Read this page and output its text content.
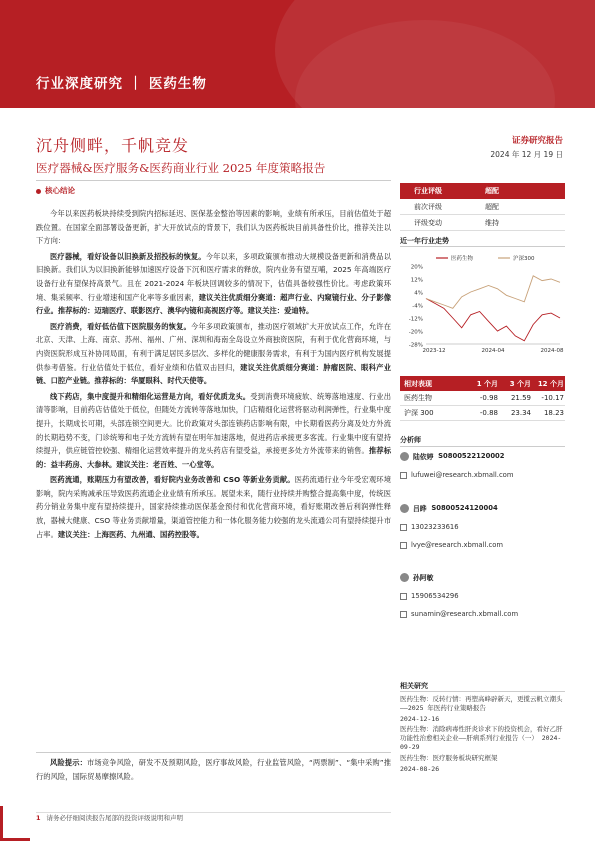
行业深度研究 ｜ 医药生物
沉舟侧畔，千帆竞发
医疗器械&医疗服务&医药商业行业 2025 年度策略报告
证券研究报告
2024 年 12 月 19 日
核心结论

今年以来医药板块持续受到院内招标延迟、医保基金整治等因素的影响，业绩有所承压，目前估值处于超跌位置。在国家全面部署设备更新，扩大开放试点的背景下，我们认为医药板块目前具备性价比，推荐关注以下方向：

医疗器械，看好设备以旧换新及招投标的恢复。今年以来，多项政策颁布推动大规模设备更新和消费品以旧换新。我们认为以旧换新能够加速医疗设备下沉和医疗需求的释放，院内业务有望互哺，2025 年高端医疗设备行业有望保持高景气。且在 2021-2024 年板块回调较多的情况下，估值具备较强性价比。考虑政策环境、集采频率、行业增速和国产化率等多重因素，建议关注优质细分赛道：超声行业、内窥镜行业、分子影像行业。推荐标的：迈瑞医疗、联影医疗、澳华内镜和高视医疗等。建议关注：爱迪特。

医疗消费，看好低估值下医院服务的恢复。今年多项政策颁布，推动医疗领域扩大开放试点工作，允许在北京、天津、上海、南京、苏州、福州、广州、深圳和海南全岛设立外商独资医院，有利于优化营商环境，与内资医院形成互补协同局面，有利于满足居民多层次、多样化的健康服务需求，有利于为国内医疗机构发展提供参考借鉴。行业估值处于低位，看好业绩和估值双击回归，建议关注优质细分赛道：肿瘤医院、眼科产业链、口腔产业链。推荐标的：华厦眼科、时代天使等。

线下药店，集中度提升和精细化运营是方向，看好优质龙头。受到消费环境疲软、统筹落地速度、行业出清等影响，目前药店估值处于低位，但随处方流转等落地加快，门店精细化运营将驱动利润弹性，行业集中度提升，长期成长可期，头部连锁空间更大。比价政策对头部连锁药店影响有限，中长期看医药分离及处方外流的长期趋势不变，门诊统筹和电子处方流转有望在明年加速落地，促进药店承接更多客流。行业集中度有望持续提升，供应链管控较强、精细化运营效率提升的龙头药店有望受益，承接更多处方外流带来的销售。推荐标的：益丰药房、大参林。建议关注：老百姓、一心堂等。

医药流通，账期压力有望改善，看好院内业务改善和 CSO 等新业务贡献。医药流通行业今年受宏观环境影响，院内采购减承压导致医药流通企业业绩有所承压。展望未来，随行业持续并购整合提高集中度，传统医药分销业务集中度有望持续提升，国家持续推动医保基金预付和优化营商环境，看好账期改善后利润弹性释放，器械大健康、CSO 等业务贡献增量，渠道管控能力和一体化服务能力较强的龙头流通公司有望持续提升市占率。建议关注：上海医药、九州通、国药控股等。

风险提示：市场竞争风险，研发不及预期风险，医疗事故风险，行业监管风险，“两票制”、“集中采购”推行的风险，国际贸易摩擦风险。
1 请务必仔细阅读报告尾部的投资评级说明和声明
行业评级	超配
前次评级	超配
评级变动	维持
近一年行业走势
20%
12%
4%
-4%
-12%
-20%
-28%
2023-12	2024-04	2024-08
医药生物	沪深300
相对表现	1 个月	3 个月 12 个月
医药生物	-0.98	21.59	-10.17
沪深 300	-0.88	23.34	18.23
分析师
陆依婷
S0800522120002
lufuwei@research.xbmall.com
吕晔
S0800524120004
13023233616
lvye@research.xbmall.com
孙阿敏
15906534296
sunamin@research.xbmall.com
相关研究
医药生物：反转行情：再塑高峰辟新天，更揽云帆立潮头——2025 年医药行业策略报告
2024-12-16
医药生物：消除病毒性肝炎诊求下的投资机会，看好乙肝功能性治愈相关企业——肝病系列行业报告（一） 2024-09-29
医药生物：医疗服务板块研究框架
2024-08-26
